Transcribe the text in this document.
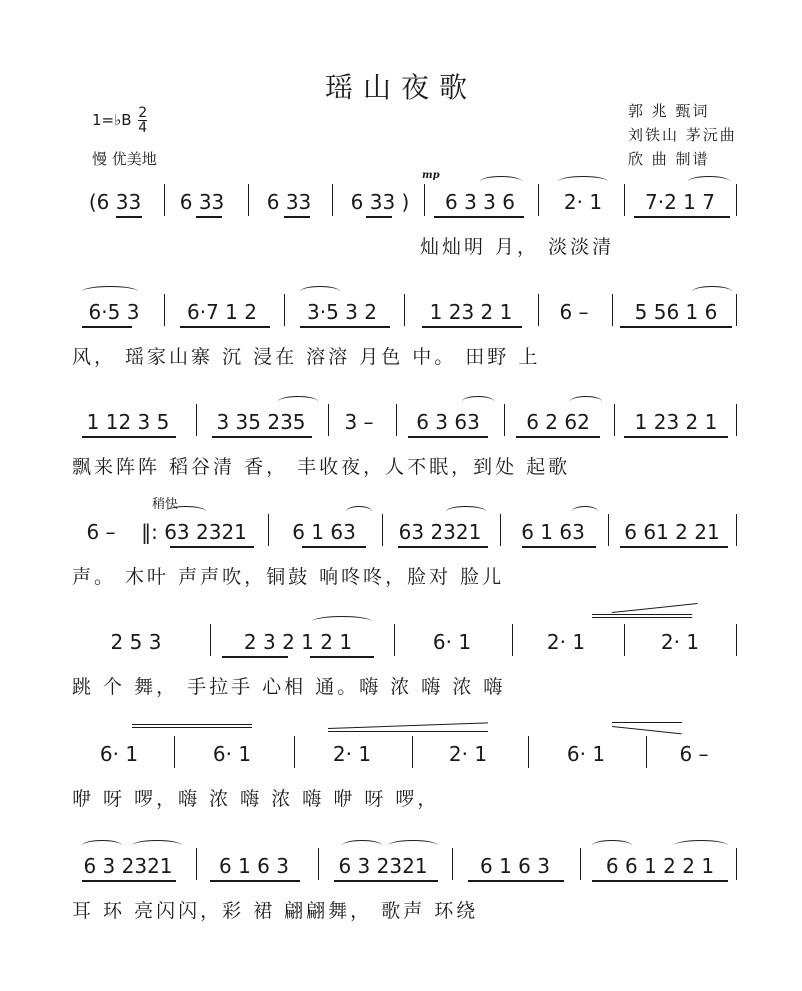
瑶山夜歌
1=♭B $\frac{2}{4}$
慢 优美地
郭 兆 甄词
刘铁山 茅沅曲
欣 曲 制谱
mp
稍快
(6 33	6 33	6 33	6 33 )	6 3 3 6	2· 1	7·2 1 7
灿灿明 月， 淡淡清
6·5 3	6·7 1 2	3·5 3 2	1 23 2 1	6 –	5 56 1 6
风， 瑶家山寨 沉 浸在 溶溶 月色 中。 田野 上
1 12 3 5	3 35 235	3 –	6 3 63	6 2 62	1 23 2 1
飘来阵阵 稻谷清 香， 丰收夜，人不眠，到处 起歌
6 –	‖: 63 2321	6 1 63	63 2321	6 1 63	6 61 2 21
声。 木叶 声声吹，铜鼓 响咚咚，脸对 脸儿
2 5 3	2 3 2 1 2 1	6· 1	2· 1	2· 1
跳 个 舞， 手拉手 心相 通。嗨 浓 嗨 浓 嗨
6· 1	6· 1	2· 1	2· 1	6· 1	6 –
咿 呀 啰，嗨 浓 嗨 浓 嗨 咿 呀 啰，
6 3 2321	6 1 6 3	6 3 2321	6 1 6 3	6 6 1 2 2 1
耳 环 亮闪闪，彩 裙 翩翩舞， 歌声 环绕
